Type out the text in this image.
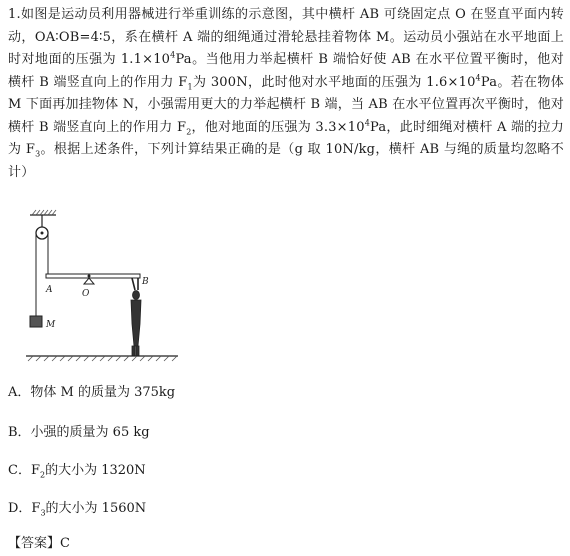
1.如图是运动员利用器械进行举重训练的示意图，其中横杆 AB 可绕固定点 O 在竖直平面内转动，OA∶OB=4∶5，系在横杆 A 端的细绳通过滑轮悬挂着物体 M。运动员小强站在水平地面上时对地面的压强为 $1.1\times 10^4Pa$。当他用力举起横杆 B 端恰好使 AB 在水平位置平衡时，他对横杆 B 端竖直向上的作用力 $F_1$为 300N，此时他对水平地面的压强为 $1.6\times 10^4Pa$。若在物体 M 下面再加挂物体 N，小强需用更大的力举起横杆 B 端，当 AB 在水平位置再次平衡时，他对横杆 B 端竖直向上的作用力 $F_2$，他对地面的压强为 $3.3\times 10^4Pa$，此时细绳对横杆 A 端的拉力为 $F_3$。根据上述条件，下列计算结果正确的是（g 取 10N/kg，横杆 AB 与绳的质量均忽略不计）
M
A	O
B
A．物体 M 的质量为 375kg
B．小强的质量为 65 kg
C．$F_2$的大小为 1320N
D．$F_3$的大小为 1560N
【答案】C
